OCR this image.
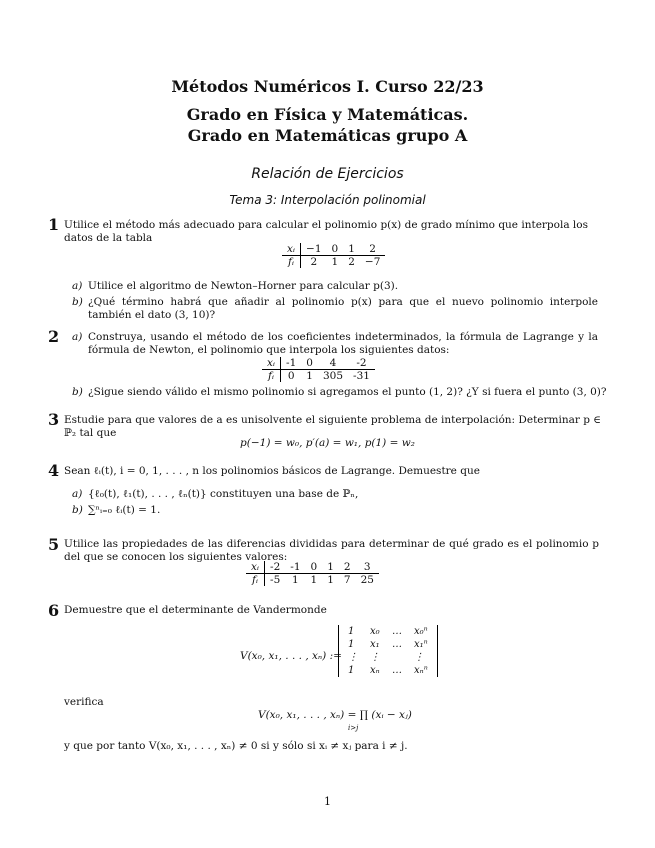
Métodos Numéricos I. Curso 22/23
Grado en Física y Matemáticas.
Grado en Matemáticas grupo A
Relación de Ejercicios
Tema 3: Interpolación polinomial
1 Utilice el método más adecuado para calcular el polinomio p(x) de grado mínimo que interpola los datos de la tabla
xᵢ	−1	0	1	2
fᵢ	2	1	2	−7
a) Utilice el algoritmo de Newton–Horner para calcular p(3).
b) ¿Qué término habrá que añadir al polinomio p(x) para que el nuevo polinomio interpole también el dato (3, 10)?
2 a) Construya, usando el método de los coeficientes indeterminados, la fórmula de Lagrange y la fórmula de Newton, el polinomio que interpola los siguientes datos:
xᵢ	-1	0	4	-2
fᵢ	0	1	305	-31
b) ¿Sigue siendo válido el mismo polinomio si agregamos el punto (1, 2)? ¿Y si fuera el punto (3, 0)?
3 Estudie para que valores de a es unisolvente el siguiente problema de interpolación: Determinar p ∈ ℙ₂ tal que
p(−1) = w₀, p′(a) = w₁, p(1) = w₂
4 Sean ℓᵢ(t), i = 0, 1, . . . , n los polinomios básicos de Lagrange. Demuestre que
a) {ℓ₀(t), ℓ₁(t), . . . , ℓₙ(t)} constituyen una base de ℙₙ,
b) ∑ⁿᵢ₌₀ ℓᵢ(t) = 1.
5 Utilice las propiedades de las diferencias divididas para determinar de qué grado es el polinomio p del que se conocen los siguientes valores:
xᵢ	-2	-1	0	1	2	3
fᵢ	-5	1	1	1	7	25
6 Demuestre que el determinante de Vandermonde
V(x₀, x₁, . . . , xₙ) :=
1	x₀	…	x₀ⁿ
1	x₁	…	x₁ⁿ
⋮	⋮		⋮
1	xₙ	…	xₙⁿ
verifica
V(x₀, x₁, . . . , xₙ) = ∏ (xᵢ − xⱼ)
i>j
y que por tanto V(x₀, x₁, . . . , xₙ) ≠ 0 si y sólo si xᵢ ≠ xⱼ para i ≠ j.
1
